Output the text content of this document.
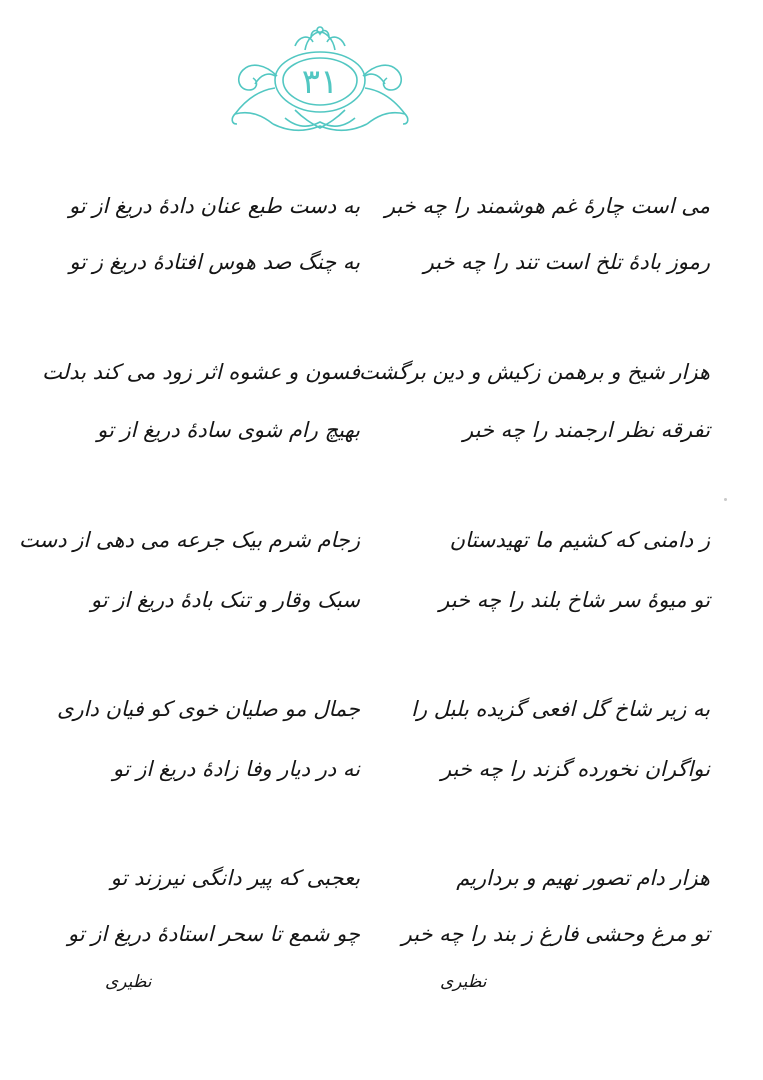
۳۱
می است چارهٔ غم هوشمند را چه خبر
به دست طبع عنان دادهٔ دریغ از تو
رموز بادهٔ تلخ است تند را چه خبر
به چنگ صد هوس افتادهٔ دریغ ز تو
هزار شیخ و برهمن زکیش و دین برگشت
فسون و عشوه اثر زود می کند بدلت
تفرقه نظر ارجمند را چه خبر
بهیچ رام شوی سادهٔ دریغ از تو
ز دامنی که کشیم ما تهیدستان
زجام شرم بیک جرعه می دهی از دست
تو میوهٔ سر شاخ بلند را چه خبر
سبک وقار و تنک بادهٔ دریغ از تو
به زیر شاخ گل افعی گزیده بلبل را
جمال مو صلیان خوی کو فیان داری
نواگران نخورده گزند را چه خبر
نه در دیار وفا زادهٔ دریغ از تو
هزار دام تصور نهیم و برداریم
بعجبی که پیر دانگی نیرزند تو
تو مرغ وحشی فارغ ز بند را چه خبر
چو شمع تا سحر استادهٔ دریغ از تو
نظیری
نظیری
